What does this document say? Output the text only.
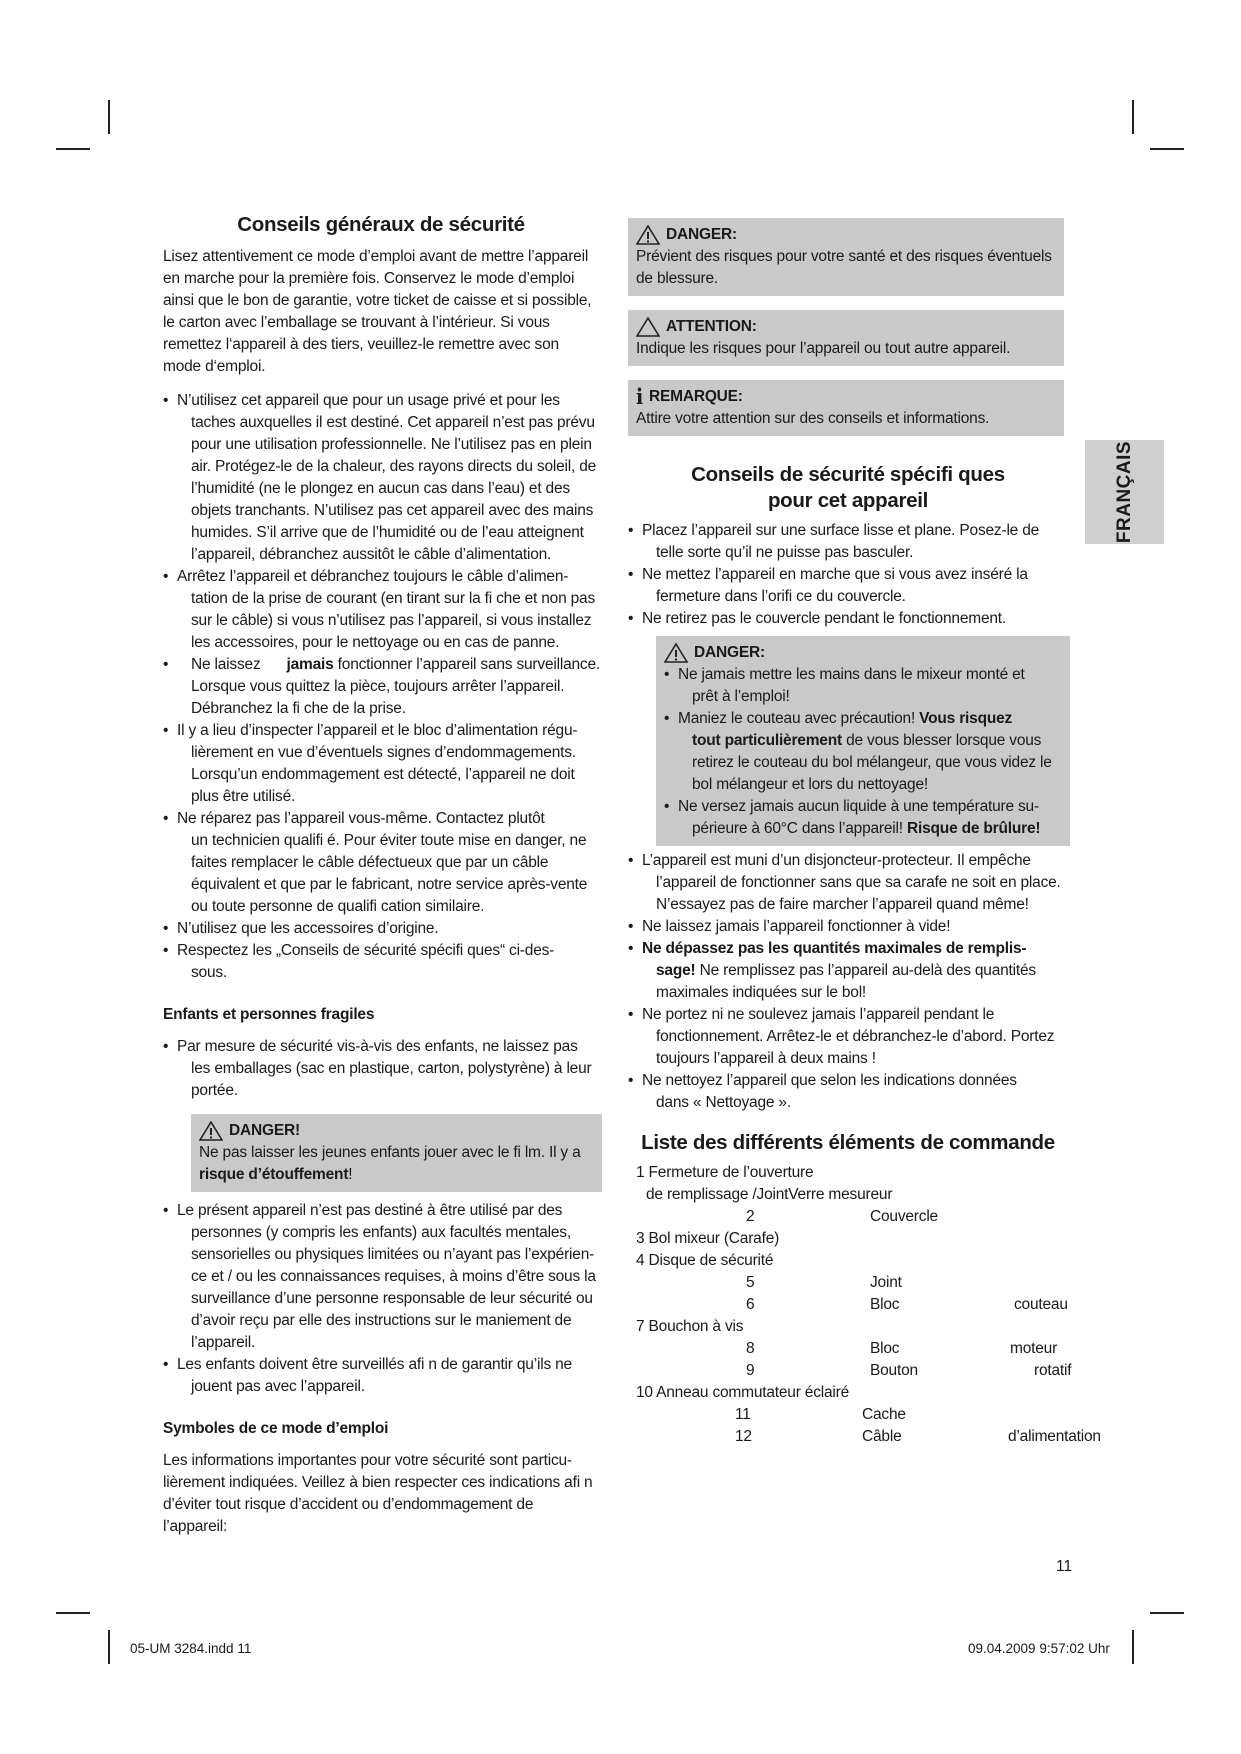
FRANÇAIS
Conseils généraux de sécurité

Lisez attentivement ce mode d’emploi avant de mettre l’appareil en marche pour la première fois. Conservez le mode d’emploi ainsi que le bon de garantie, votre ticket de caisse et si possible, le carton avec l’emballage se trouvant à l’intérieur. Si vous remettez l‘appareil à des tiers, veuillez-le remettre avec son mode d‘emploi.

• N’utilisez cet appareil que pour un usage privé et pour les
taches auxquelles il est destiné. Cet appareil n’est pas prévu pour une utilisation professionnelle. Ne l’utilisez pas en plein air. Protégez-le de la chaleur, des rayons directs du soleil, de l’humidité (ne le plongez en aucun cas dans l’eau) et des objets tranchants. N’utilisez pas cet appareil avec des mains humides. S’il arrive que de l’humidité ou de l’eau atteignent l’appareil, débranchez aussitôt le câble d’alimentation.
• Arrêtez l’appareil et débranchez toujours le câble d’alimen-
tation de la prise de courant (en tirant sur la fi che et non pas sur le câble) si vous n’utilisez pas l’appareil, si vous installez les accessoires, pour le nettoyage ou en cas de panne.
•	Ne laissez jamais fonctionner l’appareil sans surveillance.
Lorsque vous quittez la pièce, toujours arrêter l’appareil. Débranchez la fi che de la prise.
• Il y a lieu d’inspecter l’appareil et le bloc d’alimentation régu-
lièrement en vue d’éventuels signes d’endommagements. Lorsqu’un endommagement est détecté, l’appareil ne doit plus être utilisé.
• Ne réparez pas l’appareil vous-même. Contactez plutôt
un technicien qualifi é. Pour éviter toute mise en danger, ne faites remplacer le câble défectueux que par un câble équivalent et que par le fabricant, notre service après-vente ou toute personne de qualifi cation similaire.
• N’utilisez que les accessoires d’origine.
• Respectez les „Conseils de sécurité spécifi ques“ ci-des-
sous.
Enfants et personnes fragiles
• Par mesure de sécurité vis-à-vis des enfants, ne laissez pas
les emballages (sac en plastique, carton, polystyrène) à leur portée.
DANGER!

Ne pas laisser les jeunes enfants jouer avec le fi lm. Il y a risque d’étouffement!

• Le présent appareil n’est pas destiné à être utilisé par des
personnes (y compris les enfants) aux facultés mentales, sensorielles ou physiques limitées ou n’ayant pas l’expérien-ce et / ou les connaissances requises, à moins d’être sous la surveillance d’une personne responsable de leur sécurité ou d’avoir reçu par elle des instructions sur le maniement de l’appareil.
• Les enfants doivent être surveillés afi n de garantir qu’ils ne
jouent pas avec l’appareil.
Symboles de ce mode d’emploi

Les informations importantes pour votre sécurité sont particu-lièrement indiquées. Veillez à bien respecter ces indications afi n d’éviter tout risque d’accident ou d’endommagement de l’appareil:

DANGER:

Prévient des risques pour votre santé et des risques éventuels de blessure.

ATTENTION:

Indique les risques pour l’appareil ou tout autre appareil.

i REMARQUE:

Attire votre attention sur des conseils et informations.

Conseils de sécurité spécifi ques
pour cet appareil
• Placez l’appareil sur une surface lisse et plane. Posez-le de
telle sorte qu’il ne puisse pas basculer.
• Ne mettez l’appareil en marche que si vous avez inséré la
fermeture dans l’orifi ce du couvercle.
• Ne retirez pas le couvercle pendant le fonctionnement.
DANGER:
• Ne jamais mettre les mains dans le mixeur monté et
prêt à l’emploi!
• Maniez le couteau avec précaution! Vous risquez
tout particulièrement de vous blesser lorsque vous retirez le couteau du bol mélangeur, que vous videz le bol mélangeur et lors du nettoyage!
• Ne versez jamais aucun liquide à une température su-
périeure à 60°C dans l’appareil! Risque de brûlure!
• L’appareil est muni d’un disjoncteur-protecteur. Il empêche
l’appareil de fonctionner sans que sa carafe ne soit en place. N’essayez pas de faire marcher l’appareil quand même!
• Ne laissez jamais l’appareil fonctionner à vide!
• Ne dépassez pas les quantités maximales de remplis-
sage! Ne remplissez pas l’appareil au-delà des quantités maximales indiquées sur le bol!
• Ne portez ni ne soulevez jamais l’appareil pendant le
fonctionnement. Arrêtez-le et débranchez-le d’abord. Portez toujours l’appareil à deux mains !
• Ne nettoyez l’appareil que selon les indications données
dans « Nettoyage ».
Liste des différents éléments de commande
1 Fermeture de l’ouverture
de remplissage /JointVerre mesureur
2	Couvercle
3 Bol mixeur (Carafe)
4 Disque de sécurité
5	Joint
6	Bloc	couteau
7 Bouchon à vis
8	Bloc	moteur
9	Bouton	rotatif
10 Anneau commutateur éclairé
11	Cache
12	Câble	d’alimentation
11
05-UM 3284.indd 11	09.04.2009 9:57:02 Uhr
